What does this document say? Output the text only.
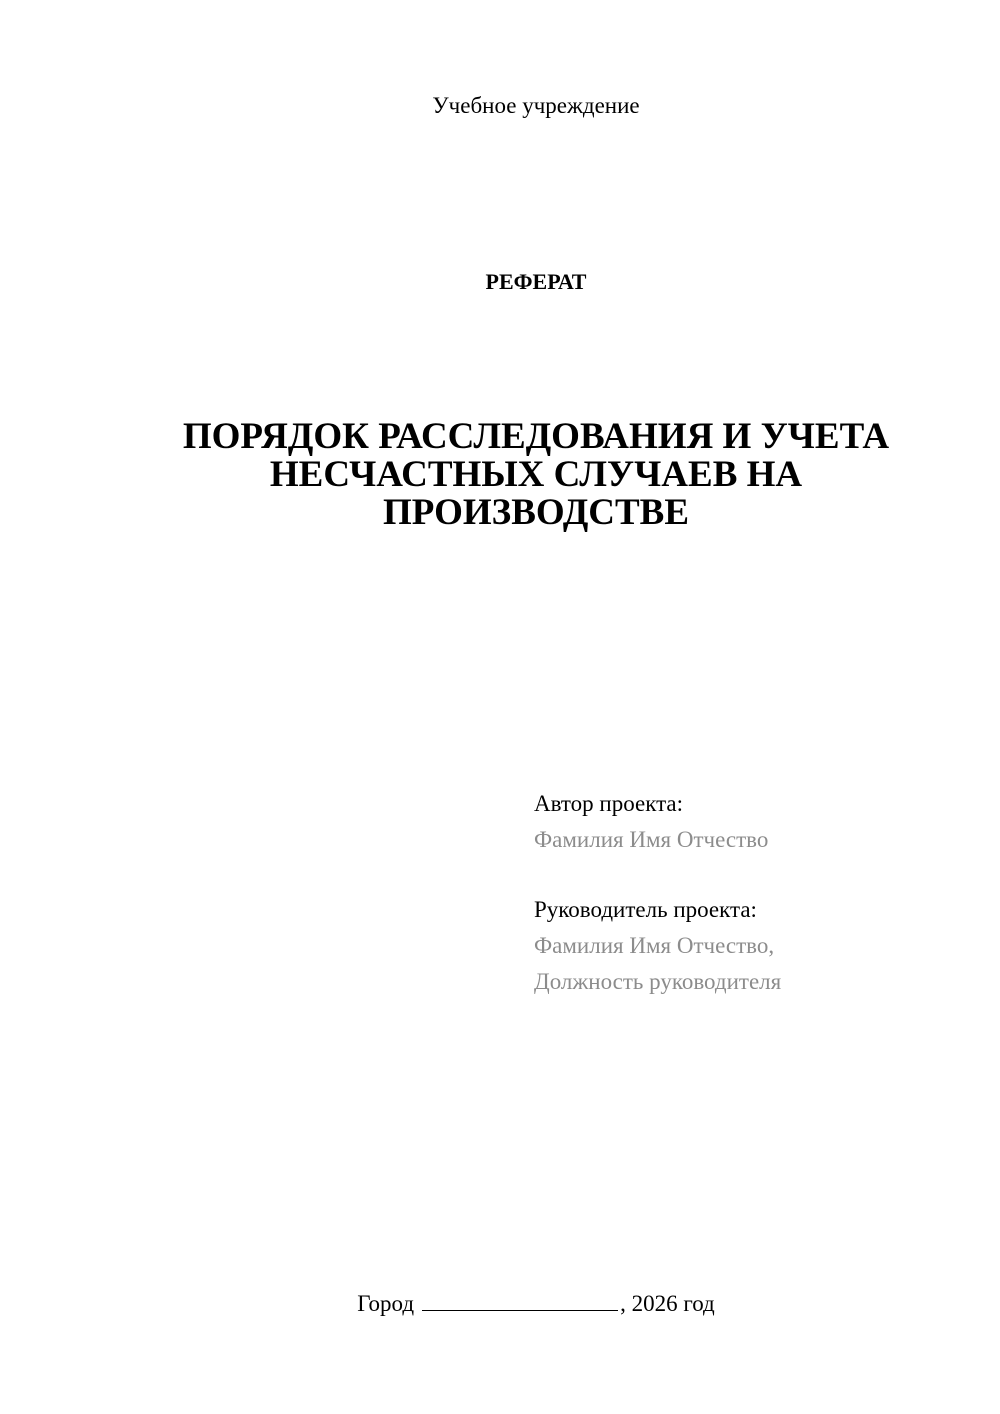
Учебное учреждение
РЕФЕРАТ
ПОРЯДОК РАССЛЕДОВАНИЯ И УЧЕТА
НЕСЧАСТНЫХ СЛУЧАЕВ НА
ПРОИЗВОДСТВЕ
Автор проекта:
Фамилия Имя Отчество
Руководитель проекта:
Фамилия Имя Отчество,
Должность руководителя
Город	, 2026 год
